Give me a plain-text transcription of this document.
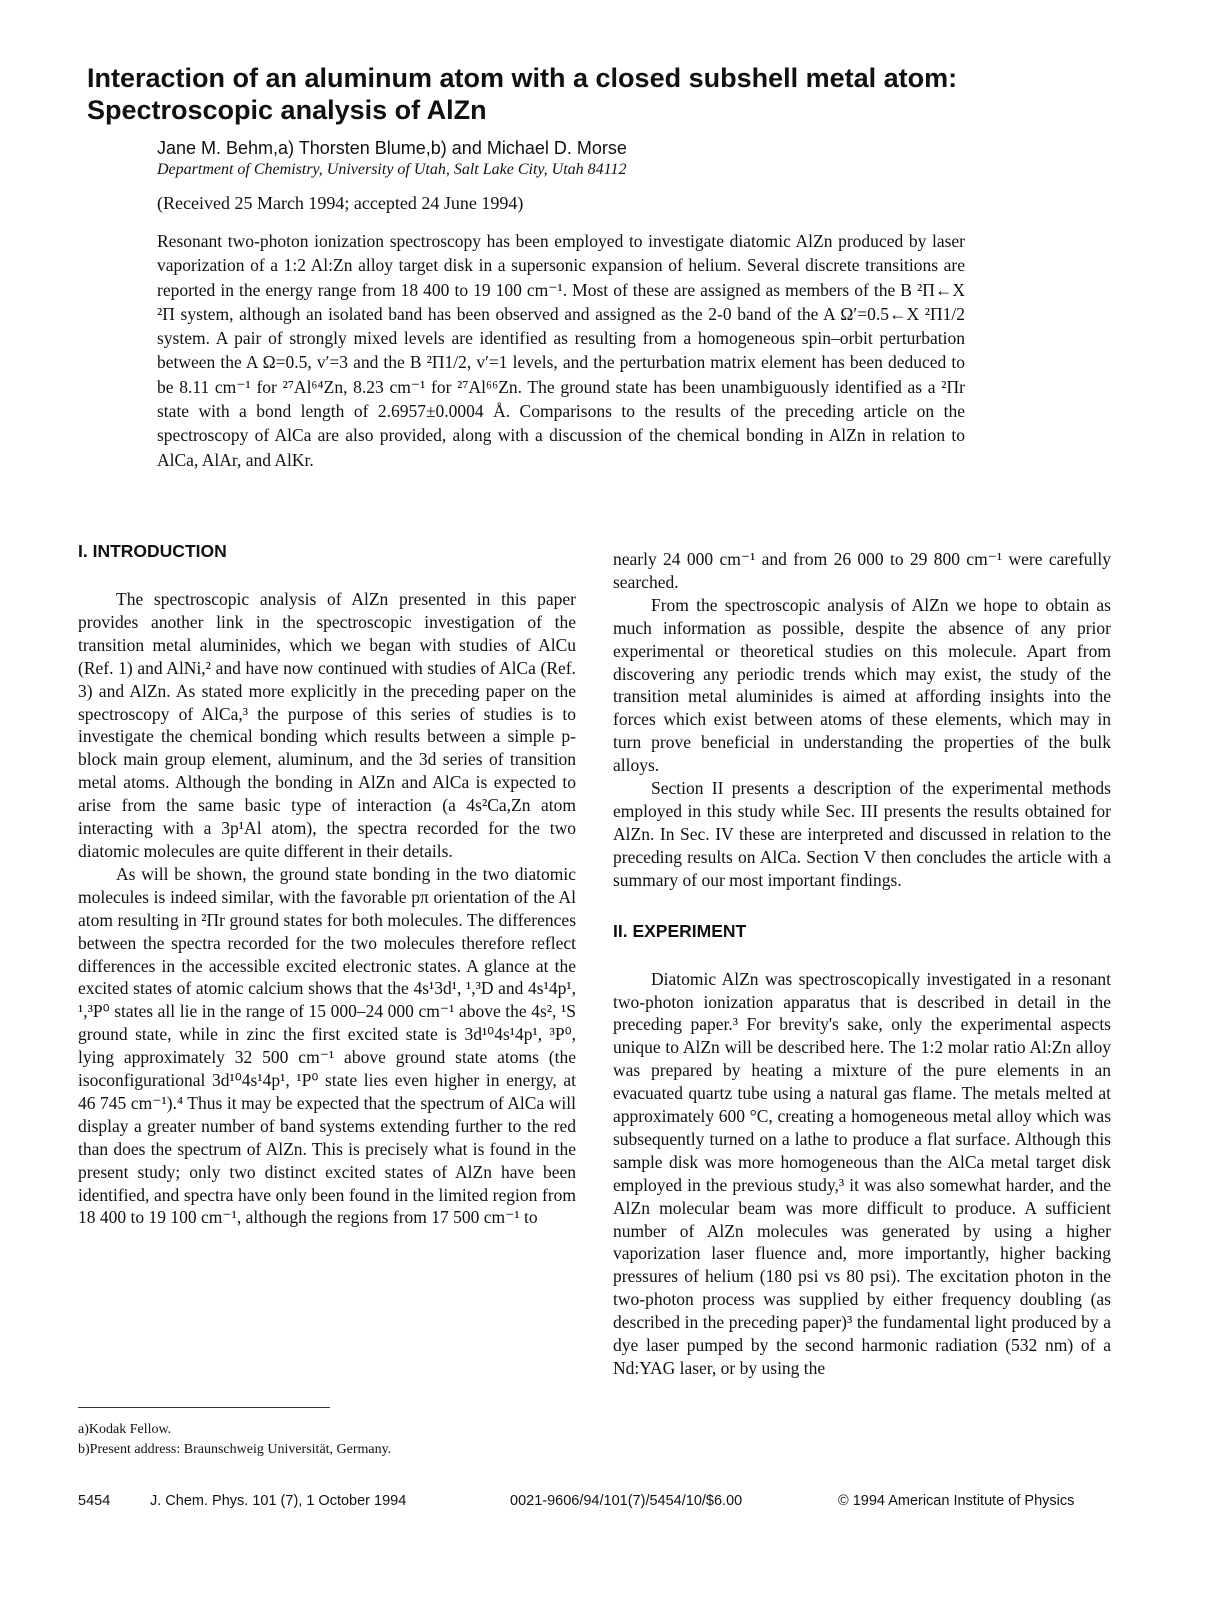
Interaction of an aluminum atom with a closed subshell metal atom:
Spectroscopic analysis of AlZn
Jane M. Behm,a) Thorsten Blume,b) and Michael D. Morse
Department of Chemistry, University of Utah, Salt Lake City, Utah 84112
(Received 25 March 1994; accepted 24 June 1994)

Resonant two-photon ionization spectroscopy has been employed to investigate diatomic AlZn produced by laser vaporization of a 1:2 Al:Zn alloy target disk in a supersonic expansion of helium. Several discrete transitions are reported in the energy range from 18 400 to 19 100 cm⁻¹. Most of these are assigned as members of the B ²Π←X ²Π system, although an isolated band has been observed and assigned as the 2-0 band of the A Ω′=0.5←X ²Π1/2 system. A pair of strongly mixed levels are identified as resulting from a homogeneous spin–orbit perturbation between the A Ω=0.5, v′=3 and the B ²Π1/2, v′=1 levels, and the perturbation matrix element has been deduced to be 8.11 cm⁻¹ for ²⁷Al⁶⁴Zn, 8.23 cm⁻¹ for ²⁷Al⁶⁶Zn. The ground state has been unambiguously identified as a ²Πr state with a bond length of 2.6957±0.0004 Å. Comparisons to the results of the preceding article on the spectroscopy of AlCa are also provided, along with a discussion of the chemical bonding in AlZn in relation to AlCa, AlAr, and AlKr.

I. INTRODUCTION

The spectroscopic analysis of AlZn presented in this paper provides another link in the spectroscopic investigation of the transition metal aluminides, which we began with studies of AlCu (Ref. 1) and AlNi,² and have now continued with studies of AlCa (Ref. 3) and AlZn. As stated more explicitly in the preceding paper on the spectroscopy of AlCa,³ the purpose of this series of studies is to investigate the chemical bonding which results between a simple p-block main group element, aluminum, and the 3d series of transition metal atoms. Although the bonding in AlZn and AlCa is expected to arise from the same basic type of interaction (a 4s²Ca,Zn atom interacting with a 3p¹Al atom), the spectra recorded for the two diatomic molecules are quite different in their details.

As will be shown, the ground state bonding in the two diatomic molecules is indeed similar, with the favorable pπ orientation of the Al atom resulting in ²Πr ground states for both molecules. The differences between the spectra recorded for the two molecules therefore reflect differences in the accessible excited electronic states. A glance at the excited states of atomic calcium shows that the 4s¹3d¹, ¹,³D and 4s¹4p¹, ¹,³P⁰ states all lie in the range of 15 000–24 000 cm⁻¹ above the 4s², ¹S ground state, while in zinc the first excited state is 3d¹⁰4s¹4p¹, ³P⁰, lying approximately 32 500 cm⁻¹ above ground state atoms (the isoconfigurational 3d¹⁰4s¹4p¹, ¹P⁰ state lies even higher in energy, at 46 745 cm⁻¹).⁴ Thus it may be expected that the spectrum of AlCa will display a greater number of band systems extending further to the red than does the spectrum of AlZn. This is precisely what is found in the present study; only two distinct excited states of AlZn have been identified, and spectra have only been found in the limited region from 18 400 to 19 100 cm⁻¹, although the regions from 17 500 cm⁻¹ to

nearly 24 000 cm⁻¹ and from 26 000 to 29 800 cm⁻¹ were carefully searched.

From the spectroscopic analysis of AlZn we hope to obtain as much information as possible, despite the absence of any prior experimental or theoretical studies on this molecule. Apart from discovering any periodic trends which may exist, the study of the transition metal aluminides is aimed at affording insights into the forces which exist between atoms of these elements, which may in turn prove beneficial in understanding the properties of the bulk alloys.

Section II presents a description of the experimental methods employed in this study while Sec. III presents the results obtained for AlZn. In Sec. IV these are interpreted and discussed in relation to the preceding results on AlCa. Section V then concludes the article with a summary of our most important findings.

II. EXPERIMENT

Diatomic AlZn was spectroscopically investigated in a resonant two-photon ionization apparatus that is described in detail in the preceding paper.³ For brevity's sake, only the experimental aspects unique to AlZn will be described here. The 1:2 molar ratio Al:Zn alloy was prepared by heating a mixture of the pure elements in an evacuated quartz tube using a natural gas flame. The metals melted at approximately 600 °C, creating a homogeneous metal alloy which was subsequently turned on a lathe to produce a flat surface. Although this sample disk was more homogeneous than the AlCa metal target disk employed in the previous study,³ it was also somewhat harder, and the AlZn molecular beam was more difficult to produce. A sufficient number of AlZn molecules was generated by using a higher vaporization laser fluence and, more importantly, higher backing pressures of helium (180 psi vs 80 psi). The excitation photon in the two-photon process was supplied by either frequency doubling (as described in the preceding paper)³ the fundamental light produced by a dye laser pumped by the second harmonic radiation (532 nm) of a Nd:YAG laser, or by using the

a)Kodak Fellow.
b)Present address: Braunschweig Universität, Germany.
5454	J. Chem. Phys. 101 (7), 1 October 1994	0021-9606/94/101(7)/5454/10/$6.00	© 1994 American Institute of Physics
